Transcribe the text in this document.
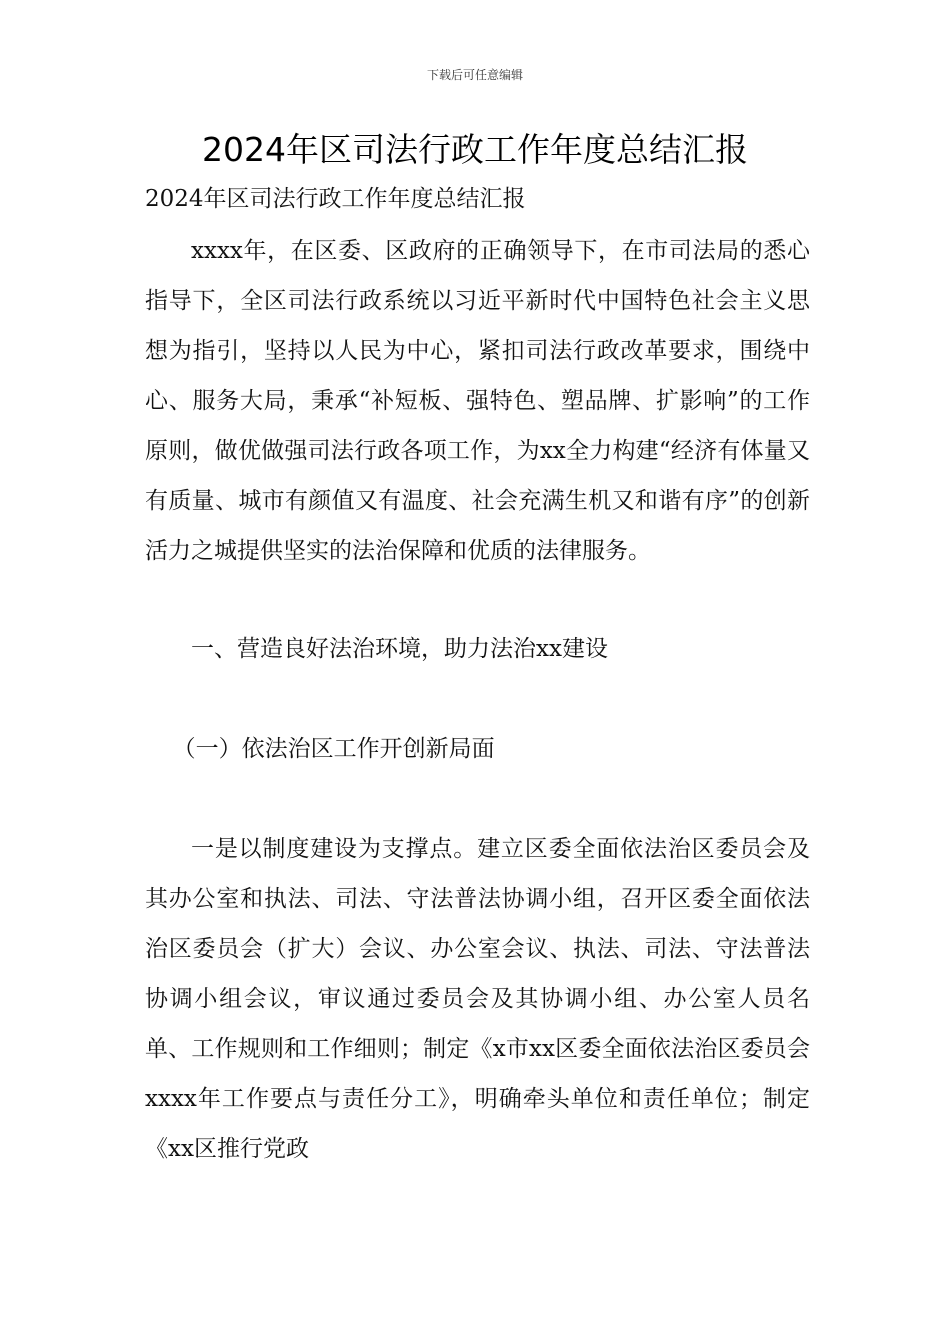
下载后可任意编辑
2024年区司法行政工作年度总结汇报
2024年区司法行政工作年度总结汇报

xxxx年，在区委、区政府的正确领导下，在市司法局的悉心指导下，全区司法行政系统以习近平新时代中国特色社会主义思想为指引，坚持以人民为中心，紧扣司法行政改革要求，围绕中心、服务大局，秉承“补短板、强特色、塑品牌、扩影响”的工作原则，做优做强司法行政各项工作，为xx全力构建“经济有体量又有质量、城市有颜值又有温度、社会充满生机又和谐有序”的创新活力之城提供坚实的法治保障和优质的法律服务。

一、营造良好法治环境，助力法治xx建设

（一）依法治区工作开创新局面

一是以制度建设为支撑点。建立区委全面依法治区委员会及其办公室和执法、司法、守法普法协调小组，召开区委全面依法治区委员会（扩大）会议、办公室会议、执法、司法、守法普法协调小组会议，审议通过委员会及其协调小组、办公室人员名单、工作规则和工作细则；制定《x市xx区委全面依法治区委员会xxxx年工作要点与责任分工》，明确牵头单位和责任单位；制定《xx区推行党政
